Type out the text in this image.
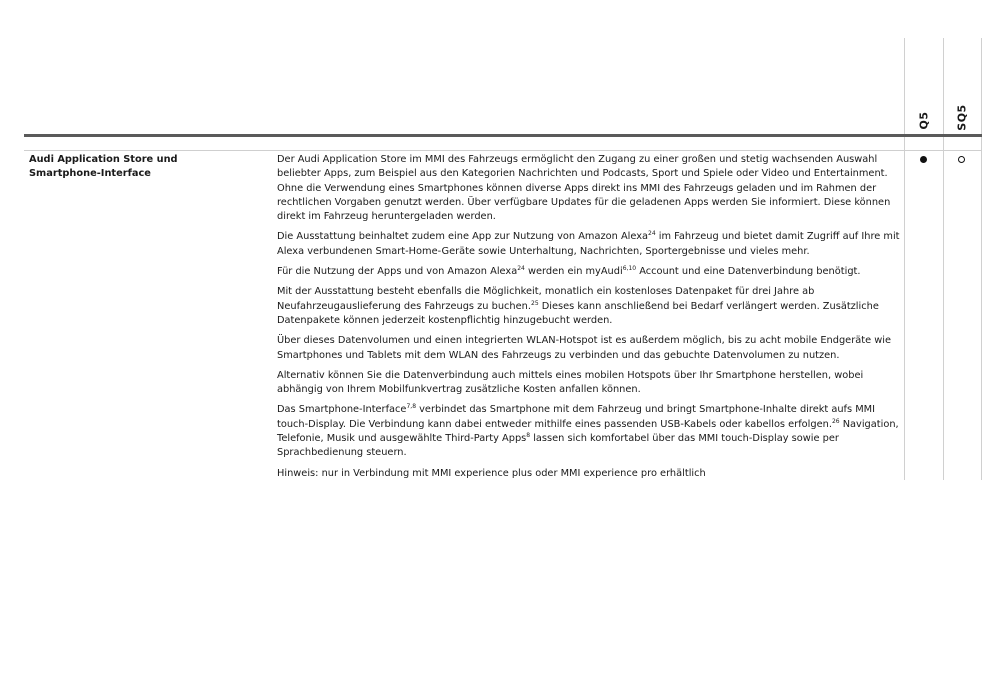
Q5 SQ5
Audi Application Store und Smartphone-Interface

Der Audi Application Store im MMI des Fahrzeugs ermöglicht den Zugang zu einer großen und stetig wachsenden Auswahl beliebter Apps, zum Beispiel aus den Kategorien Nachrichten und Podcasts, Sport und Spiele oder Video und Entertainment. Ohne die Verwendung eines Smartphones können diverse Apps direkt ins MMI des Fahrzeugs geladen und im Rahmen der rechtlichen Vorgaben genutzt werden. Über verfügbare Updates für die geladenen Apps werden Sie informiert. Diese können direkt im Fahrzeug heruntergeladen werden.

Die Ausstattung beinhaltet zudem eine App zur Nutzung von Amazon Alexa$^{24}$ im Fahrzeug und bietet damit Zugriff auf Ihre mit Alexa verbundenen Smart-Home-Geräte sowie Unterhaltung, Nachrichten, Sportergebnisse und vieles mehr.

Für die Nutzung der Apps und von Amazon Alexa$^{24}$ werden ein myAudi$^{6,10}$ Account und eine Datenverbindung benötigt.

Mit der Ausstattung besteht ebenfalls die Möglichkeit, monatlich ein kostenloses Datenpaket für drei Jahre ab Neufahrzeugauslieferung des Fahrzeugs zu buchen.$^{25}$ Dieses kann anschließend bei Bedarf verlängert werden. Zusätzliche Datenpakete können jederzeit kostenpflichtig hinzugebucht werden.

Über dieses Datenvolumen und einen integrierten WLAN-Hotspot ist es außerdem möglich, bis zu acht mobile Endgeräte wie Smartphones und Tablets mit dem WLAN des Fahrzeugs zu verbinden und das gebuchte Datenvolumen zu nutzen.

Alternativ können Sie die Datenverbindung auch mittels eines mobilen Hotspots über Ihr Smartphone herstellen, wobei abhängig von Ihrem Mobilfunkvertrag zusätzliche Kosten anfallen können.

Das Smartphone-Interface$^{7,8}$ verbindet das Smartphone mit dem Fahrzeug und bringt Smartphone-Inhalte direkt aufs MMI touch-Display. Die Verbindung kann dabei entweder mithilfe eines passenden USB-Kabels oder kabellos erfolgen.$^{26}$ Navigation, Telefonie, Musik und ausgewählte Third-Party Apps$^8$ lassen sich komfortabel über das MMI touch-Display sowie per Sprachbedienung steuern.

Hinweis: nur in Verbindung mit MMI experience plus oder MMI experience pro erhältlich
